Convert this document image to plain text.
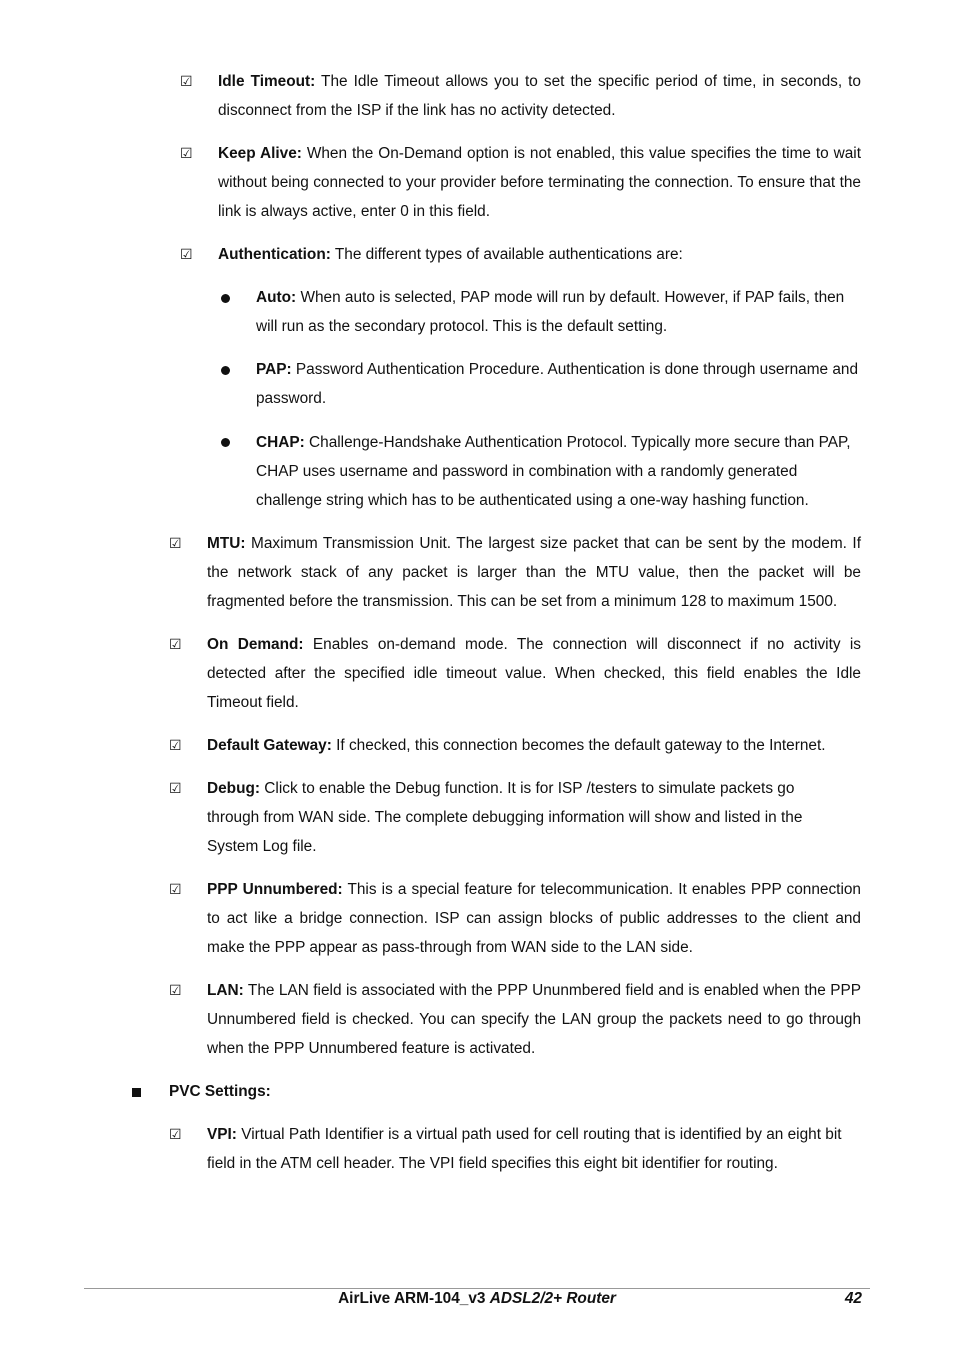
☑ Idle Timeout: The Idle Timeout allows you to set the specific period of time, in seconds, to disconnect from the ISP if the link has no activity detected.
☑ Keep Alive: When the On-Demand option is not enabled, this value specifies the time to wait without being connected to your provider before terminating the connection. To ensure that the link is always active, enter 0 in this field.
☑ Authentication: The different types of available authentications are:
Auto: When auto is selected, PAP mode will run by default. However, if PAP fails, then will run as the secondary protocol. This is the default setting.
PAP: Password Authentication Procedure. Authentication is done through username and password.
CHAP: Challenge-Handshake Authentication Protocol. Typically more secure than PAP, CHAP uses username and password in combination with a randomly generated challenge string which has to be authenticated using a one-way hashing function.
☑ MTU: Maximum Transmission Unit. The largest size packet that can be sent by the modem. If the network stack of any packet is larger than the MTU value, then the packet will be fragmented before the transmission. This can be set from a minimum 128 to maximum 1500.
☑ On Demand: Enables on-demand mode. The connection will disconnect if no activity is detected after the specified idle timeout value. When checked, this field enables the Idle Timeout field.
☑ Default Gateway: If checked, this connection becomes the default gateway to the Internet.
☑ Debug: Click to enable the Debug function. It is for ISP /testers to simulate packets go through from WAN side. The complete debugging information will show and listed in the System Log file.
☑ PPP Unnumbered: This is a special feature for telecommunication. It enables PPP connection to act like a bridge connection. ISP can assign blocks of public addresses to the client and make the PPP appear as pass-through from WAN side to the LAN side.
☑ LAN: The LAN field is associated with the PPP Ununmbered field and is enabled when the PPP Unnumbered field is checked. You can specify the LAN group the packets need to go through when the PPP Unnumbered feature is activated.
PVC Settings:
☑ VPI: Virtual Path Identifier is a virtual path used for cell routing that is identified by an eight bit field in the ATM cell header. The VPI field specifies this eight bit identifier for routing.
AirLive ARM-104_v3 ADSL2/2+ Router	42
